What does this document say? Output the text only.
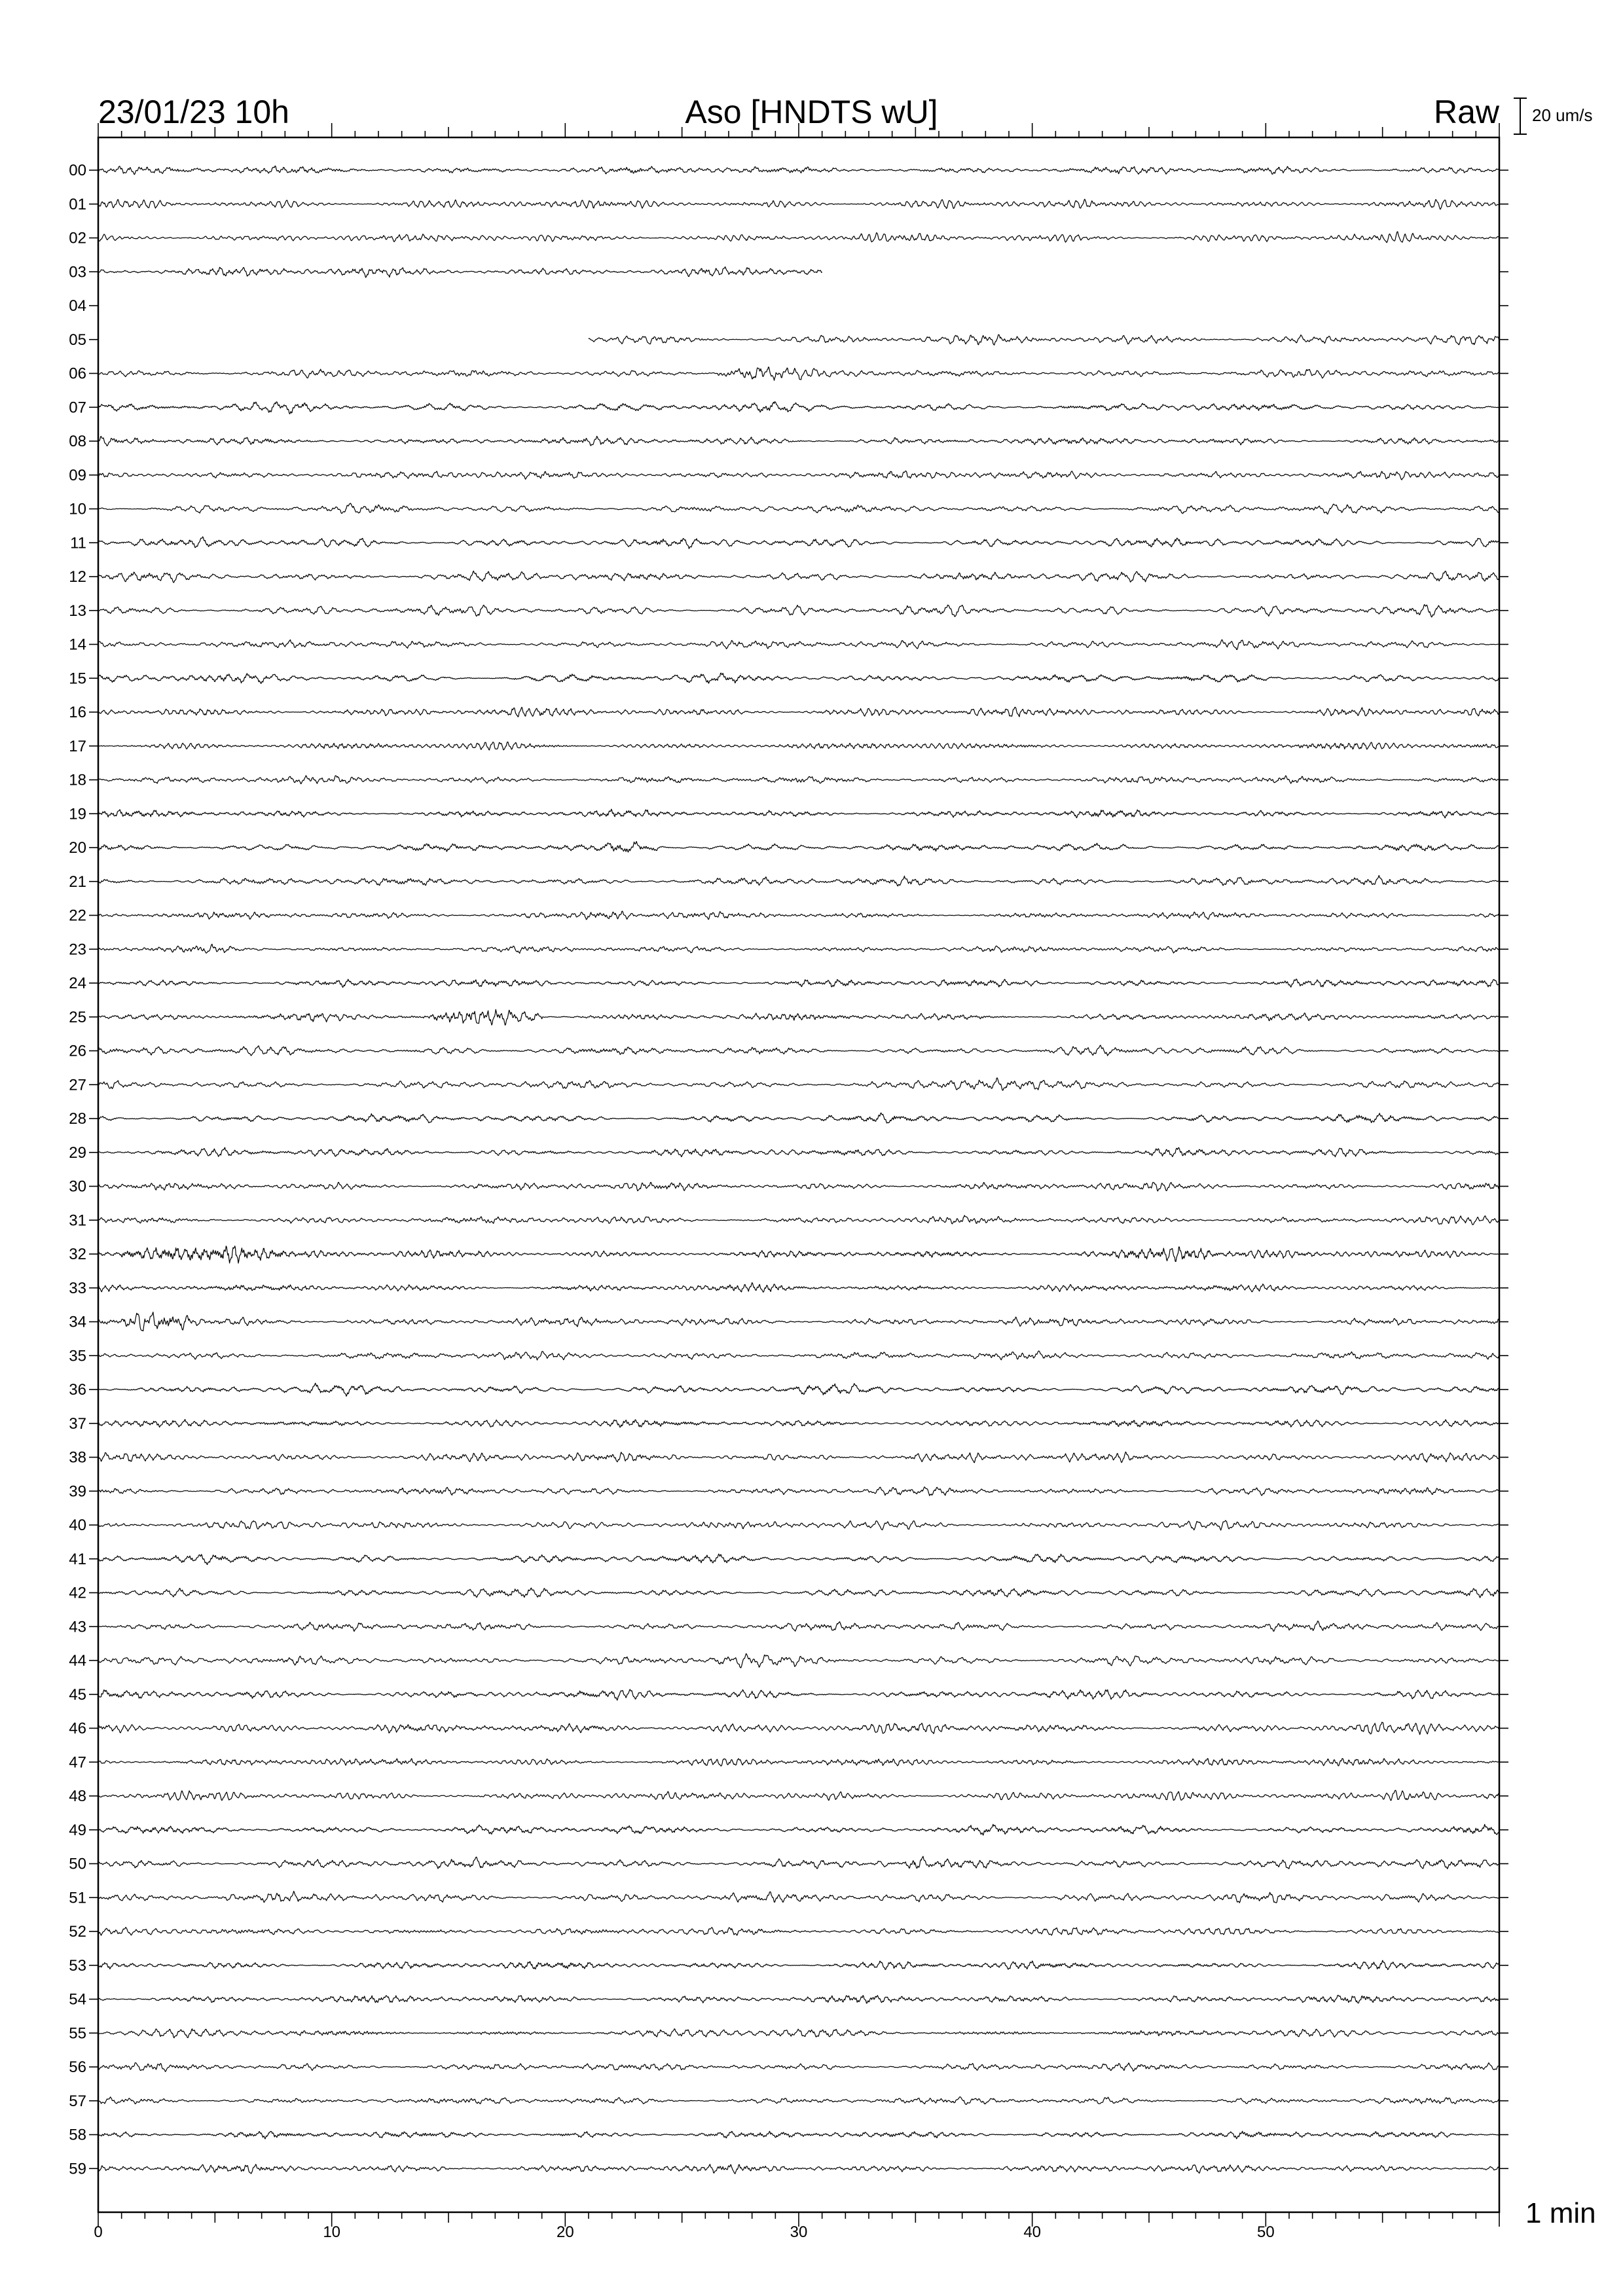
23/01/23 10h	Aso [HNDTS wU]	Raw 20 um/s
1 min
0	10	20	30	40	50
00
01
02
03
04
05
06
07
08
09
10
11
12
13
14
15
16
17
18
19
20
21
22
23
24
25
26
27
28
29
30
31
32
33
34
35
36
37
38
39
40
41
42
43
44
45
46
47
48
49
50
51
52
53
54
55
56
57
58
59
